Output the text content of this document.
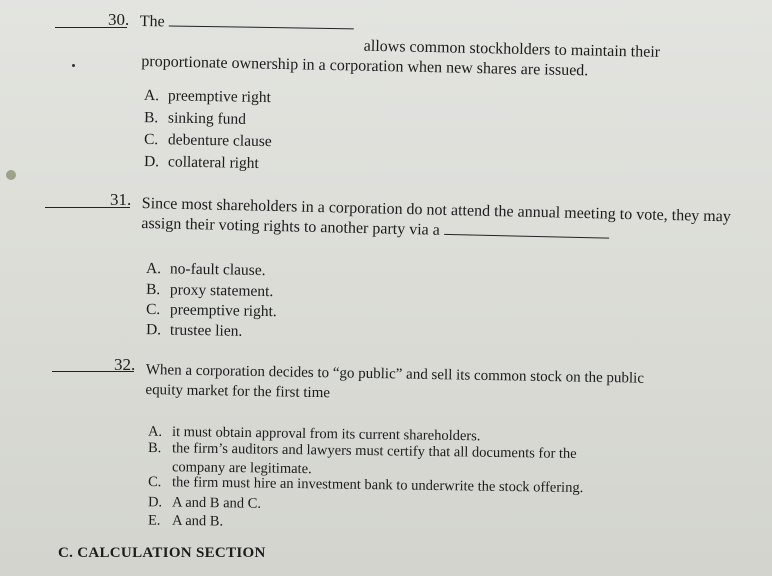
30. The
allows common stockholders to maintain their proportionate ownership in a corporation when new shares are issued.
A. preemptive right
B. sinking fund
C. debenture clause
D. collateral right
31. Since most shareholders in a corporation do not attend the annual meeting to vote, they may assign their voting rights to another party via a
A. no-fault clause.
B. proxy statement.
C. preemptive right.
D. trustee lien.
32. When a corporation decides to “go public” and sell its common stock on the public equity market for the first time
A. it must obtain approval from its current shareholders.
B. the firm’s auditors and lawyers must certify that all documents for the
company are legitimate.
C. the firm must hire an investment bank to underwrite the stock offering.
D. A and B and C.
E. A and B.
C. CALCULATION SECTION
